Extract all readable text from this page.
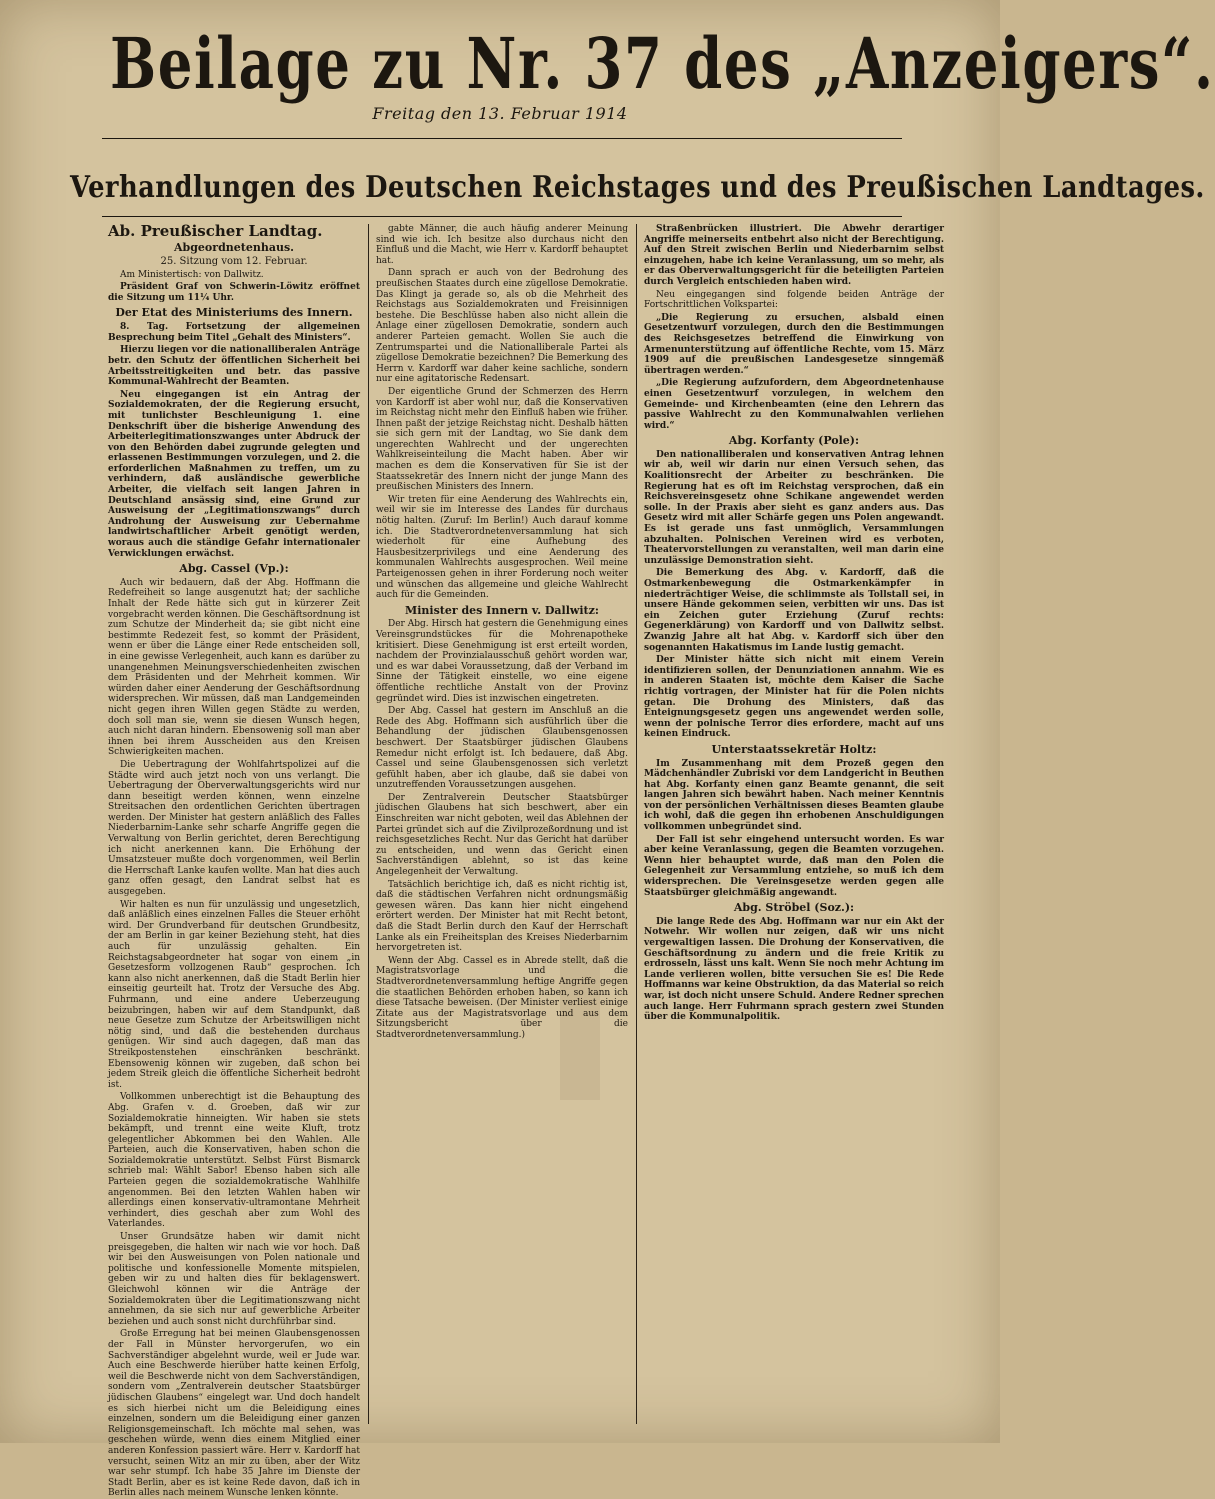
Beilage zu Nr. 37 des „Anzeigers“.
Freitag den 13. Februar 1914
Verhandlungen des Deutschen Reichstages und des Preußischen Landtages.
Ab. Preußischer Landtag.
Abgeordnetenhaus.
25. Sitzung vom 12. Februar.

Am Ministertisch: von Dallwitz.

Präsident Graf von Schwerin-Löwitz eröffnet die Sitzung um 11¼ Uhr.

Der Etat des Ministeriums des Innern.

8. Tag. Fortsetzung der allgemeinen Besprechung beim Titel „Gehalt des Ministers“.

Hierzu liegen vor die nationalliberalen Anträge betr. den Schutz der öffentlichen Sicherheit bei Arbeitsstreitigkeiten und betr. das passive Kommunal-Wahlrecht der Beamten.

Neu eingegangen ist ein Antrag der Sozialdemokraten, der die Regierung ersucht, mit tunlichster Beschleunigung 1. eine Denkschrift über die bisherige Anwendung des Arbeiterlegitimationszwanges unter Abdruck der von den Behörden dabei zugrunde gelegten und erlassenen Bestimmungen vorzulegen, und 2. die erforderlichen Maßnahmen zu treffen, um zu verhindern, daß ausländische gewerbliche Arbeiter, die vielfach seit langen Jahren in Deutschland ansässig sind, eine Grund zur Ausweisung der „Legitimationszwangs“ durch Androhung der Ausweisung zur Uebernahme landwirtschaftlicher Arbeit genötigt werden, woraus auch die ständige Gefahr internationaler Verwicklungen erwächst.

Abg. Cassel (Vp.):

Auch wir bedauern, daß der Abg. Hoffmann die Redefreiheit so lange ausgenutzt hat; der sachliche Inhalt der Rede hätte sich gut in kürzerer Zeit vorgebracht werden können. Die Geschäftsordnung ist zum Schutze der Minderheit da; sie gibt nicht eine bestimmte Redezeit fest, so kommt der Präsident, wenn er über die Länge einer Rede entscheiden soll, in eine gewisse Verlegenheit, auch kann es darüber zu unangenehmen Meinungsverschiedenheiten zwischen dem Präsidenten und der Mehrheit kommen. Wir würden daher einer Aenderung der Geschäftsordnung widersprechen. Wir müssen, daß man Landgemeinden nicht gegen ihren Willen gegen Städte zu werden, doch soll man sie, wenn sie diesen Wunsch hegen, auch nicht daran hindern. Ebensowenig soll man aber ihnen bei ihrem Ausscheiden aus den Kreisen Schwierigkeiten machen.

Die Uebertragung der Wohlfahrtspolizei auf die Städte wird auch jetzt noch von uns verlangt. Die Uebertragung der Oberverwaltungsgerichts wird nur dann beseitigt werden können, wenn einzelne Streitsachen den ordentlichen Gerichten übertragen werden. Der Minister hat gestern anläßlich des Falles Niederbarnim-Lanke sehr scharfe Angriffe gegen die Verwaltung von Berlin gerichtet, deren Berechtigung ich nicht anerkennen kann. Die Erhöhung der Umsatzsteuer mußte doch vorgenommen, weil Berlin die Herrschaft Lanke kaufen wollte. Man hat dies auch ganz offen gesagt, den Landrat selbst hat es ausgegeben.

Wir halten es nun für unzulässig und ungesetzlich, daß anläßlich eines einzelnen Falles die Steuer erhöht wird. Der Grundverband für deutschen Grundbesitz, der am Berlin in gar keiner Beziehung steht, hat dies auch für unzulässig gehalten. Ein Reichstagsabgeordneter hat sogar von einem „in Gesetzesform vollzogenen Raub“ gesprochen. Ich kann also nicht anerkennen, daß die Stadt Berlin hier einseitig geurteilt hat. Trotz der Versuche des Abg. Fuhrmann, und eine andere Ueberzeugung beizubringen, haben wir auf dem Standpunkt, daß neue Gesetze zum Schutze der Arbeitswilligen nicht nötig sind, und daß die bestehenden durchaus genügen. Wir sind auch dagegen, daß man das Streikpostenstehen einschränken beschränkt. Ebensowenig können wir zugeben, daß schon bei jedem Streik gleich die öffentliche Sicherheit bedroht ist.

Vollkommen unberechtigt ist die Behauptung des Abg. Grafen v. d. Groeben, daß wir zur Sozialdemokratie hinneigten. Wir haben sie stets bekämpft, und trennt eine weite Kluft, trotz gelegentlicher Abkommen bei den Wahlen. Alle Parteien, auch die Konservativen, haben schon die Sozialdemokratie unterstützt. Selbst Fürst Bismarck schrieb mal: Wählt Sabor! Ebenso haben sich alle Parteien gegen die sozialdemokratische Wahlhilfe angenommen. Bei den letzten Wahlen haben wir allerdings einen konservativ-ultramontane Mehrheit verhindert, dies geschah aber zum Wohl des Vaterlandes.

Unser Grundsätze haben wir damit nicht preisgegeben, die halten wir nach wie vor hoch. Daß wir bei den Ausweisungen von Polen nationale und politische und konfessionelle Momente mitspielen, geben wir zu und halten dies für beklagenswert. Gleichwohl können wir die Anträge der Sozialdemokraten über die Legitimationszwang nicht annehmen, da sie sich nur auf gewerbliche Arbeiter beziehen und auch sonst nicht durchführbar sind.

Große Erregung hat bei meinen Glaubensgenossen der Fall in Münster hervorgerufen, wo ein Sachverständiger abgelehnt wurde, weil er Jude war. Auch eine Beschwerde hierüber hatte keinen Erfolg, weil die Beschwerde nicht von dem Sachverständigen, sondern vom „Zentralverein deutscher Staatsbürger jüdischen Glaubens“ eingelegt war. Und doch handelt es sich hierbei nicht um die Beleidigung eines einzelnen, sondern um die Beleidigung einer ganzen Religionsgemeinschaft. Ich möchte mal sehen, was geschehen würde, wenn dies einem Mitglied einer anderen Konfession passiert wäre. Herr v. Kardorff hat versucht, seinen Witz an mir zu üben, aber der Witz war sehr stumpf. Ich habe 35 Jahre im Dienste der Stadt Berlin, aber es ist keine Rede davon, daß ich in Berlin alles nach meinem Wunsche lenken könnte.

gabte Männer, die auch häufig anderer Meinung sind wie ich. Ich besitze also durchaus nicht den Einfluß und die Macht, wie Herr v. Kardorff behauptet hat.

Dann sprach er auch von der Bedrohung des preußischen Staates durch eine zügellose Demokratie. Das Klingt ja gerade so, als ob die Mehrheit des Reichstags aus Sozialdemokraten und Freisinnigen bestehe. Die Beschlüsse haben also nicht allein die Anlage einer zügellosen Demokratie, sondern auch anderer Parteien gemacht. Wollen Sie auch die Zentrumspartei und die Nationalliberale Partei als zügellose Demokratie bezeichnen? Die Bemerkung des Herrn v. Kardorff war daher keine sachliche, sondern nur eine agitatorische Redensart.

Der eigentliche Grund der Schmerzen des Herrn von Kardorff ist aber wohl nur, daß die Konservativen im Reichstag nicht mehr den Einfluß haben wie früher. Ihnen paßt der jetzige Reichstag nicht. Deshalb hätten sie sich gern mit der Landtag, wo Sie dank dem ungerechten Wahlrecht und der ungerechten Wahlkreiseinteilung die Macht haben. Aber wir machen es dem die Konservativen für Sie ist der Staatssekretär des Innern nicht der junge Mann des preußischen Ministers des Innern.

Wir treten für eine Aenderung des Wahlrechts ein, weil wir sie im Interesse des Landes für durchaus nötig halten. (Zuruf: Im Berlin!) Auch darauf komme ich. Die Stadtverordnetenversammlung hat sich wiederholt für eine Aufhebung des Hausbesitzerprivilegs und eine Aenderung des kommunalen Wahlrechts ausgesprochen. Weil meine Parteigenossen gehen in ihrer Forderung noch weiter und wünschen das allgemeine und gleiche Wahlrecht auch für die Gemeinden.

Minister des Innern v. Dallwitz:

Der Abg. Hirsch hat gestern die Genehmigung eines Vereinsgrundstückes für die Mohrenapotheke kritisiert. Diese Genehmigung ist erst erteilt worden, nachdem der Provinzialausschuß gehört worden war, und es war dabei Voraussetzung, daß der Verband im Sinne der Tätigkeit einstelle, wo eine eigene öffentliche rechtliche Anstalt von der Provinz gegründet wird. Dies ist inzwischen eingetreten.

Der Abg. Cassel hat gestern im Anschluß an die Rede des Abg. Hoffmann sich ausführlich über die Behandlung der jüdischen Glaubensgenossen beschwert. Der Staatsbürger jüdischen Glaubens Remedur nicht erfolgt ist. Ich bedauere, daß Abg. Cassel und seine Glaubensgenossen sich verletzt gefühlt haben, aber ich glaube, daß sie dabei von unzutreffenden Voraussetzungen ausgehen.

Der Zentralverein Deutscher Staatsbürger jüdischen Glaubens hat sich beschwert, aber ein Einschreiten war nicht geboten, weil das Ablehnen der Partei gründet sich auf die Zivilprozeßordnung und ist reichsgesetzliches Recht. Nur das Gericht hat darüber zu entscheiden, und wenn das Gericht einen Sachverständigen ablehnt, so ist das keine Angelegenheit der Verwaltung.

Tatsächlich berichtige ich, daß es nicht richtig ist, daß die städtischen Verfahren nicht ordnungsmäßig gewesen wären. Das kann hier nicht eingehend erörtert werden. Der Minister hat mit Recht betont, daß die Stadt Berlin durch den Kauf der Herrschaft Lanke als ein Freiheitsplan des Kreises Niederbarnim hervorgetreten ist.

Wenn der Abg. Cassel es in Abrede stellt, daß die Magistratsvorlage und die Stadtverordnetenversammlung heftige Angriffe gegen die staatlichen Behörden erhoben haben, so kann ich diese Tatsache beweisen. (Der Minister verliest einige Zitate aus der Magistratsvorlage und aus dem Sitzungsbericht über die Stadtverordnetenversammlung.)

Straßenbrücken illustriert. Die Abwehr derartiger Angriffe meinerseits entbehrt also nicht der Berechtigung. Auf den Streit zwischen Berlin und Niederbarnim selbst einzugehen, habe ich keine Veranlassung, um so mehr, als er das Oberverwaltungsgericht für die beteiligten Parteien durch Vergleich entschieden haben wird.

Neu eingegangen sind folgende beiden Anträge der Fortschrittlichen Volkspartei:

„Die Regierung zu ersuchen, alsbald einen Gesetzentwurf vorzulegen, durch den die Bestimmungen des Reichsgesetzes betreffend die Einwirkung von Armenunterstützung auf öffentliche Rechte, vom 15. März 1909 auf die preußischen Landesgesetze sinngemäß übertragen werden.“

„Die Regierung aufzufordern, dem Abgeordnetenhause einen Gesetzentwurf vorzulegen, in welchem den Gemeinde- und Kirchenbeamten (eine den Lehrern das passive Wahlrecht zu den Kommunalwahlen verliehen wird.“

Abg. Korfanty (Pole):

Den nationalliberalen und konservativen Antrag lehnen wir ab, weil wir darin nur einen Versuch sehen, das Koalitionsrecht der Arbeiter zu beschränken. Die Regierung hat es oft im Reichstag versprochen, daß ein Reichsvereinsgesetz ohne Schikane angewendet werden solle. In der Praxis aber sieht es ganz anders aus. Das Gesetz wird mit aller Schärfe gegen uns Polen angewandt. Es ist gerade uns fast unmöglich, Versammlungen abzuhalten. Polnischen Vereinen wird es verboten, Theatervorstellungen zu veranstalten, weil man darin eine unzulässige Demonstration sieht.

Die Bemerkung des Abg. v. Kardorff, daß die Ostmarkenbewegung die Ostmarkenkämpfer in niederträchtiger Weise, die schlimmste als Tollstall sei, in unsere Hände gekommen seien, verbitten wir uns. Das ist ein Zeichen guter Erziehung (Zuruf rechts: Gegenerklärung) von Kardorff und von Dallwitz selbst. Zwanzig Jahre alt hat Abg. v. Kardorff sich über den sogenannten Hakatismus im Lande lustig gemacht.

Der Minister hätte sich nicht mit einem Verein identifizieren sollen, der Denunziationen annahm. Wie es in anderen Staaten ist, möchte dem Kaiser die Sache richtig vortragen, der Minister hat für die Polen nichts getan. Die Drohung des Ministers, daß das Enteignungsgesetz gegen uns angewendet werden solle, wenn der polnische Terror dies erfordere, macht auf uns keinen Eindruck.

Unterstaatssekretär Holtz:

Im Zusammenhang mit dem Prozeß gegen den Mädchenhändler Zubriski vor dem Landgericht in Beuthen hat Abg. Korfanty einen ganz Beamte genannt, die seit langen Jahren sich bewährt haben. Nach meiner Kenntnis von der persönlichen Verhältnissen dieses Beamten glaube ich wohl, daß die gegen ihn erhobenen Anschuldigungen vollkommen unbegründet sind.

Der Fall ist sehr eingehend untersucht worden. Es war aber keine Veranlassung, gegen die Beamten vorzugehen. Wenn hier behauptet wurde, daß man den Polen die Gelegenheit zur Versammlung entziehe, so muß ich dem widersprechen. Die Vereinsgesetze werden gegen alle Staatsbürger gleichmäßig angewandt.

Abg. Ströbel (Soz.):

Die lange Rede des Abg. Hoffmann war nur ein Akt der Notwehr. Wir wollen nur zeigen, daß wir uns nicht vergewaltigen lassen. Die Drohung der Konservativen, die Geschäftsordnung zu ändern und die freie Kritik zu erdrosseln, lässt uns kalt. Wenn Sie noch mehr Achtung im Lande verlieren wollen, bitte versuchen Sie es! Die Rede Hoffmanns war keine Obstruktion, da das Material so reich war, ist doch nicht unsere Schuld. Andere Redner sprechen auch lange. Herr Fuhrmann sprach gestern zwei Stunden über die Kommunalpolitik.
